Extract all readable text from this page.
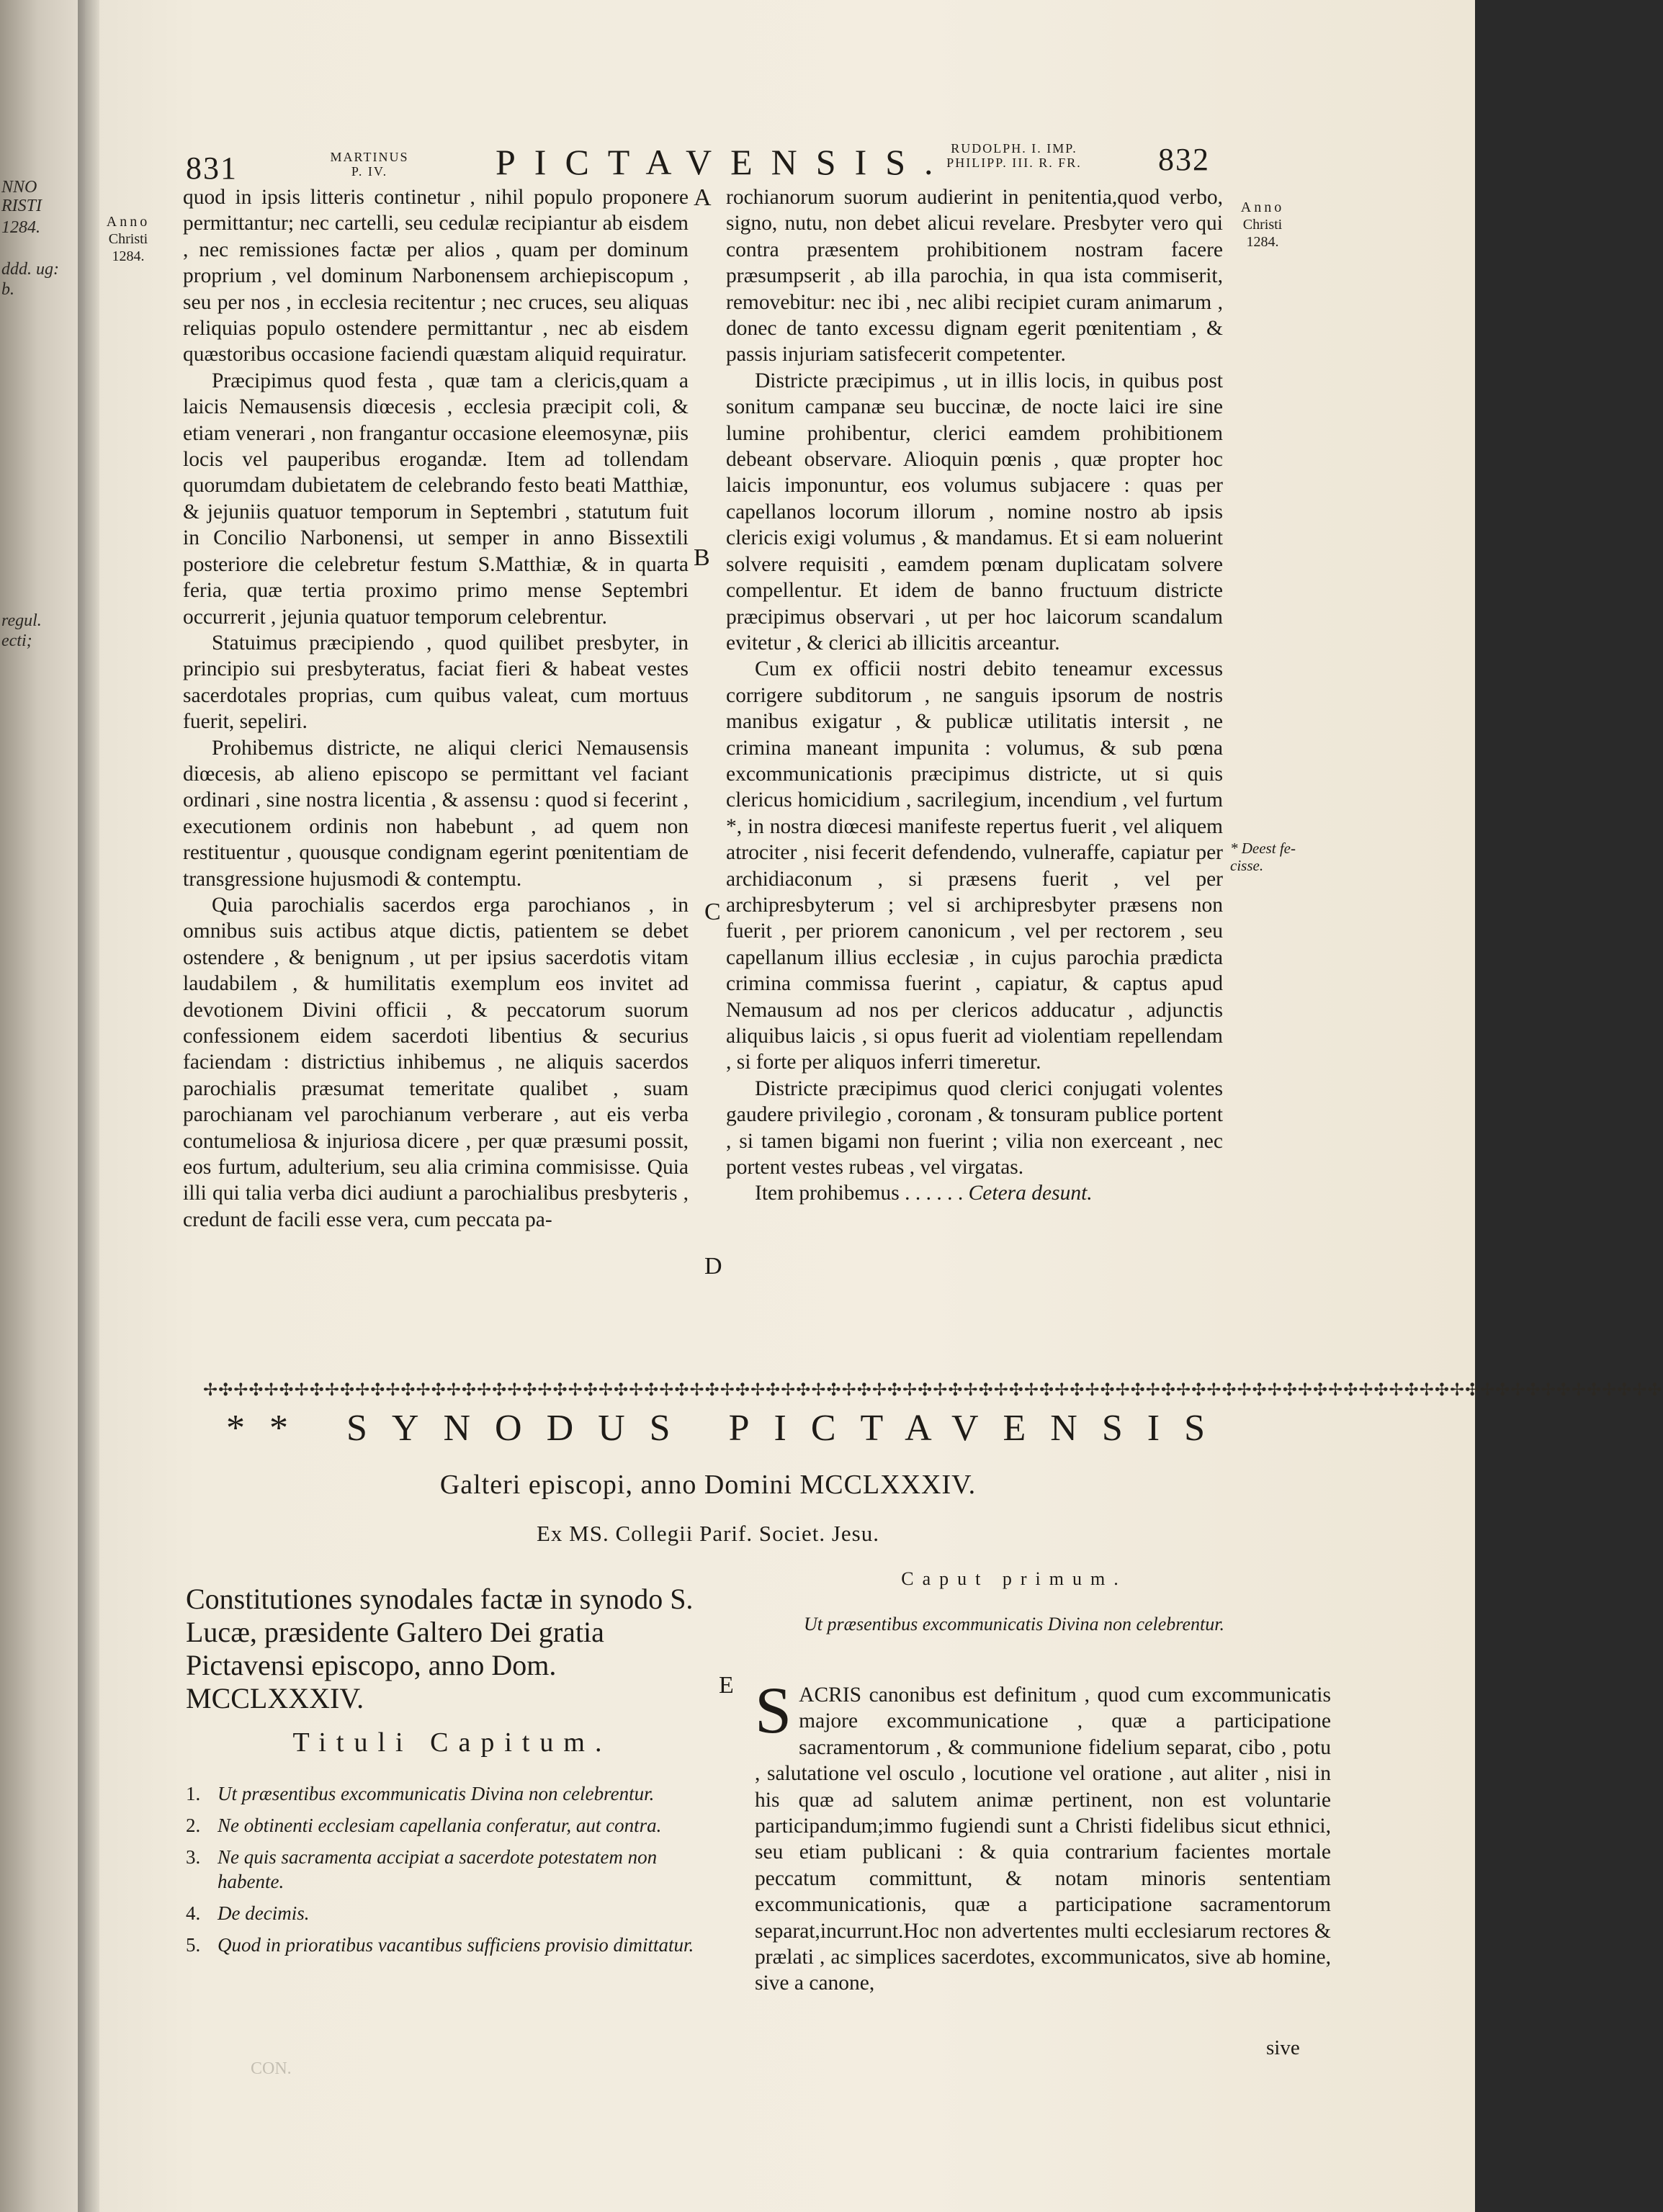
NNO
RISTI
1284.
ddd. ug:
b.
regul.
ecti;
831	MARTINUS
P. IV.	PICTAVENSIS.
RUDOLPH. I. IMP.
PHILIPP. III. R. FR.	832
Anno
Christi
1284.
Anno
Christi
1284.
A
B
C
D
E
* Deest fe- cisse.

quod in ipsis litteris continetur , nihil populo proponere permittantur; nec cartelli, seu cedulæ recipiantur ab eisdem , nec remissiones factæ per alios , quam per dominum proprium , vel dominum Narbonensem archiepiscopum , seu per nos , in ecclesia recitentur ; nec cruces, seu aliquas reliquias populo ostendere permittantur , nec ab eisdem quæstoribus occasione faciendi quæstam aliquid requiratur.

Præcipimus quod festa , quæ tam a clericis,quam a laicis Nemausensis diœcesis , ecclesia præcipit coli, & etiam venerari , non frangantur occasione eleemosynæ, piis locis vel pauperibus erogandæ. Item ad tollendam quorumdam dubietatem de celebrando festo beati Matthiæ, & jejuniis quatuor temporum in Septembri , statutum fuit in Concilio Narbonensi, ut semper in anno Bissextili posteriore die celebretur festum S.Matthiæ, & in quarta feria, quæ tertia proximo primo mense Septembri occurrerit , jejunia quatuor temporum celebrentur.

Statuimus præcipiendo , quod quilibet presbyter, in principio sui presbyteratus, faciat fieri & habeat vestes sacerdotales proprias, cum quibus valeat, cum mortuus fuerit, sepeliri.

Prohibemus districte, ne aliqui clerici Nemausensis diœcesis, ab alieno episcopo se permittant vel faciant ordinari , sine nostra licentia , & assensu : quod si fecerint , executionem ordinis non habebunt , ad quem non restituentur , quousque condignam egerint pœnitentiam de transgressione hujusmodi & contemptu.

Quia parochialis sacerdos erga parochianos , in omnibus suis actibus atque dictis, patientem se debet ostendere , & benignum , ut per ipsius sacerdotis vitam laudabilem , & humilitatis exemplum eos invitet ad devotionem Divini officii , & peccatorum suorum confessionem eidem sacerdoti libentius & securius faciendam : districtius inhibemus , ne aliquis sacerdos parochialis præsumat temeritate qualibet , suam parochianam vel parochianum verberare , aut eis verba contumeliosa & injuriosa dicere , per quæ præsumi possit, eos furtum, adulterium, seu alia crimina commisisse. Quia illi qui talia verba dici audiunt a parochialibus presbyteris , credunt de facili esse vera, cum peccata pa-

rochianorum suorum audierint in penitentia,quod verbo, signo, nutu, non debet alicui revelare. Presbyter vero qui contra præsentem prohibitionem nostram facere præsumpserit , ab illa parochia, in qua ista commiserit, removebitur: nec ibi , nec alibi recipiet curam animarum , donec de tanto excessu dignam egerit pœnitentiam , & passis injuriam satisfecerit competenter.

Districte præcipimus , ut in illis locis, in quibus post sonitum campanæ seu buccinæ, de nocte laici ire sine lumine prohibentur, clerici eamdem prohibitionem debeant observare. Alioquin pœnis , quæ propter hoc laicis imponuntur, eos volumus subjacere : quas per capellanos locorum illorum , nomine nostro ab ipsis clericis exigi volumus , & mandamus. Et si eam noluerint solvere requisiti , eamdem pœnam duplicatam solvere compellentur. Et idem de banno fructuum districte præcipimus observari , ut per hoc laicorum scandalum evitetur , & clerici ab illicitis arceantur.

Cum ex officii nostri debito teneamur excessus corrigere subditorum , ne sanguis ipsorum de nostris manibus exigatur , & publicæ utilitatis intersit , ne crimina maneant impunita : volumus, & sub pœna excommunicationis præcipimus districte, ut si quis clericus homicidium , sacrilegium, incendium , vel furtum *, in nostra diœcesi manifeste repertus fuerit , vel aliquem atrociter , nisi fecerit defendendo, vulneraffe, capiatur per archidiaconum , si præsens fuerit , vel per archipresbyterum ; vel si archipresbyter præsens non fuerit , per priorem canonicum , vel per rectorem , seu capellanum illius ecclesiæ , in cujus parochia prædicta crimina commissa fuerint , capiatur, & captus apud Nemausum ad nos per clericos adducatur , adjunctis aliquibus laicis , si opus fuerit ad violentiam repellendam , si forte per aliquos inferri timeretur.

Districte præcipimus quod clerici conjugati volentes gaudere privilegio , coronam , & tonsuram publice portent , si tamen bigami non fuerint ; vilia non exerceant , nec portent vestes rubeas , vel virgatas.

Item prohibemus . . . . . . Cetera desunt.

✢✣✢✣✢✣✢✣✢✣✢✣✢✣✢✣✢✣✢✣✢✣✢✣✢✣✢✣✢✣✢✣✢✣✢✣✢✣✢✣✢✣✢✣✢✣✢✣✢✣✢✣✢✣✢✣✢✣✢✣✢✣✢✣✢✣✢✣✢✣✢✣✢✣✢✣✢✣✢✣✢✣✢✣✢✣✢✣✢✣✢✣✢✣✢✣
** SYNODUS PICTAVENSIS
Galteri episcopi, anno Domini MCCLXXXIV.
Ex MS. Collegii Parif. Societ. Jesu.
Constitutiones synodales factæ in synodo S. Lucæ, præsidente Galtero Dei gratia Pictavensi episcopo, anno Dom. MCCLXXXIV.
Tituli Capitum.
1. Ut præsentibus excommunicatis Divina non celebrentur.
2. Ne obtinenti ecclesiam capellania conferatur, aut contra.
3. Ne quis sacramenta accipiat a sacerdote potestatem non habente.
4. De decimis.
5. Quod in prioratibus vacantibus sufficiens provisio dimittatur.
Caput primum.
Ut præsentibus excommunicatis Divina non celebrentur.
S ACRIS canonibus est definitum , quod cum excommunicatis majore excommunicatione , quæ a participatione sacramentorum , & communione fidelium separat, cibo , potu , salutatione vel osculo , locutione vel oratione , aut aliter , nisi in his quæ ad salutem animæ pertinent, non est voluntarie participandum;immo fugiendi sunt a Christi fidelibus sicut ethnici, seu etiam publicani : & quia contrarium facientes mortale peccatum committunt, & notam minoris sententiam excommunicationis, quæ a participatione sacramentorum separat,incurrunt.Hoc non advertentes multi ecclesiarum rectores & prælati , ac simplices sacerdotes, excommunicatos, sive ab homine, sive a canone,
sive
CON.
